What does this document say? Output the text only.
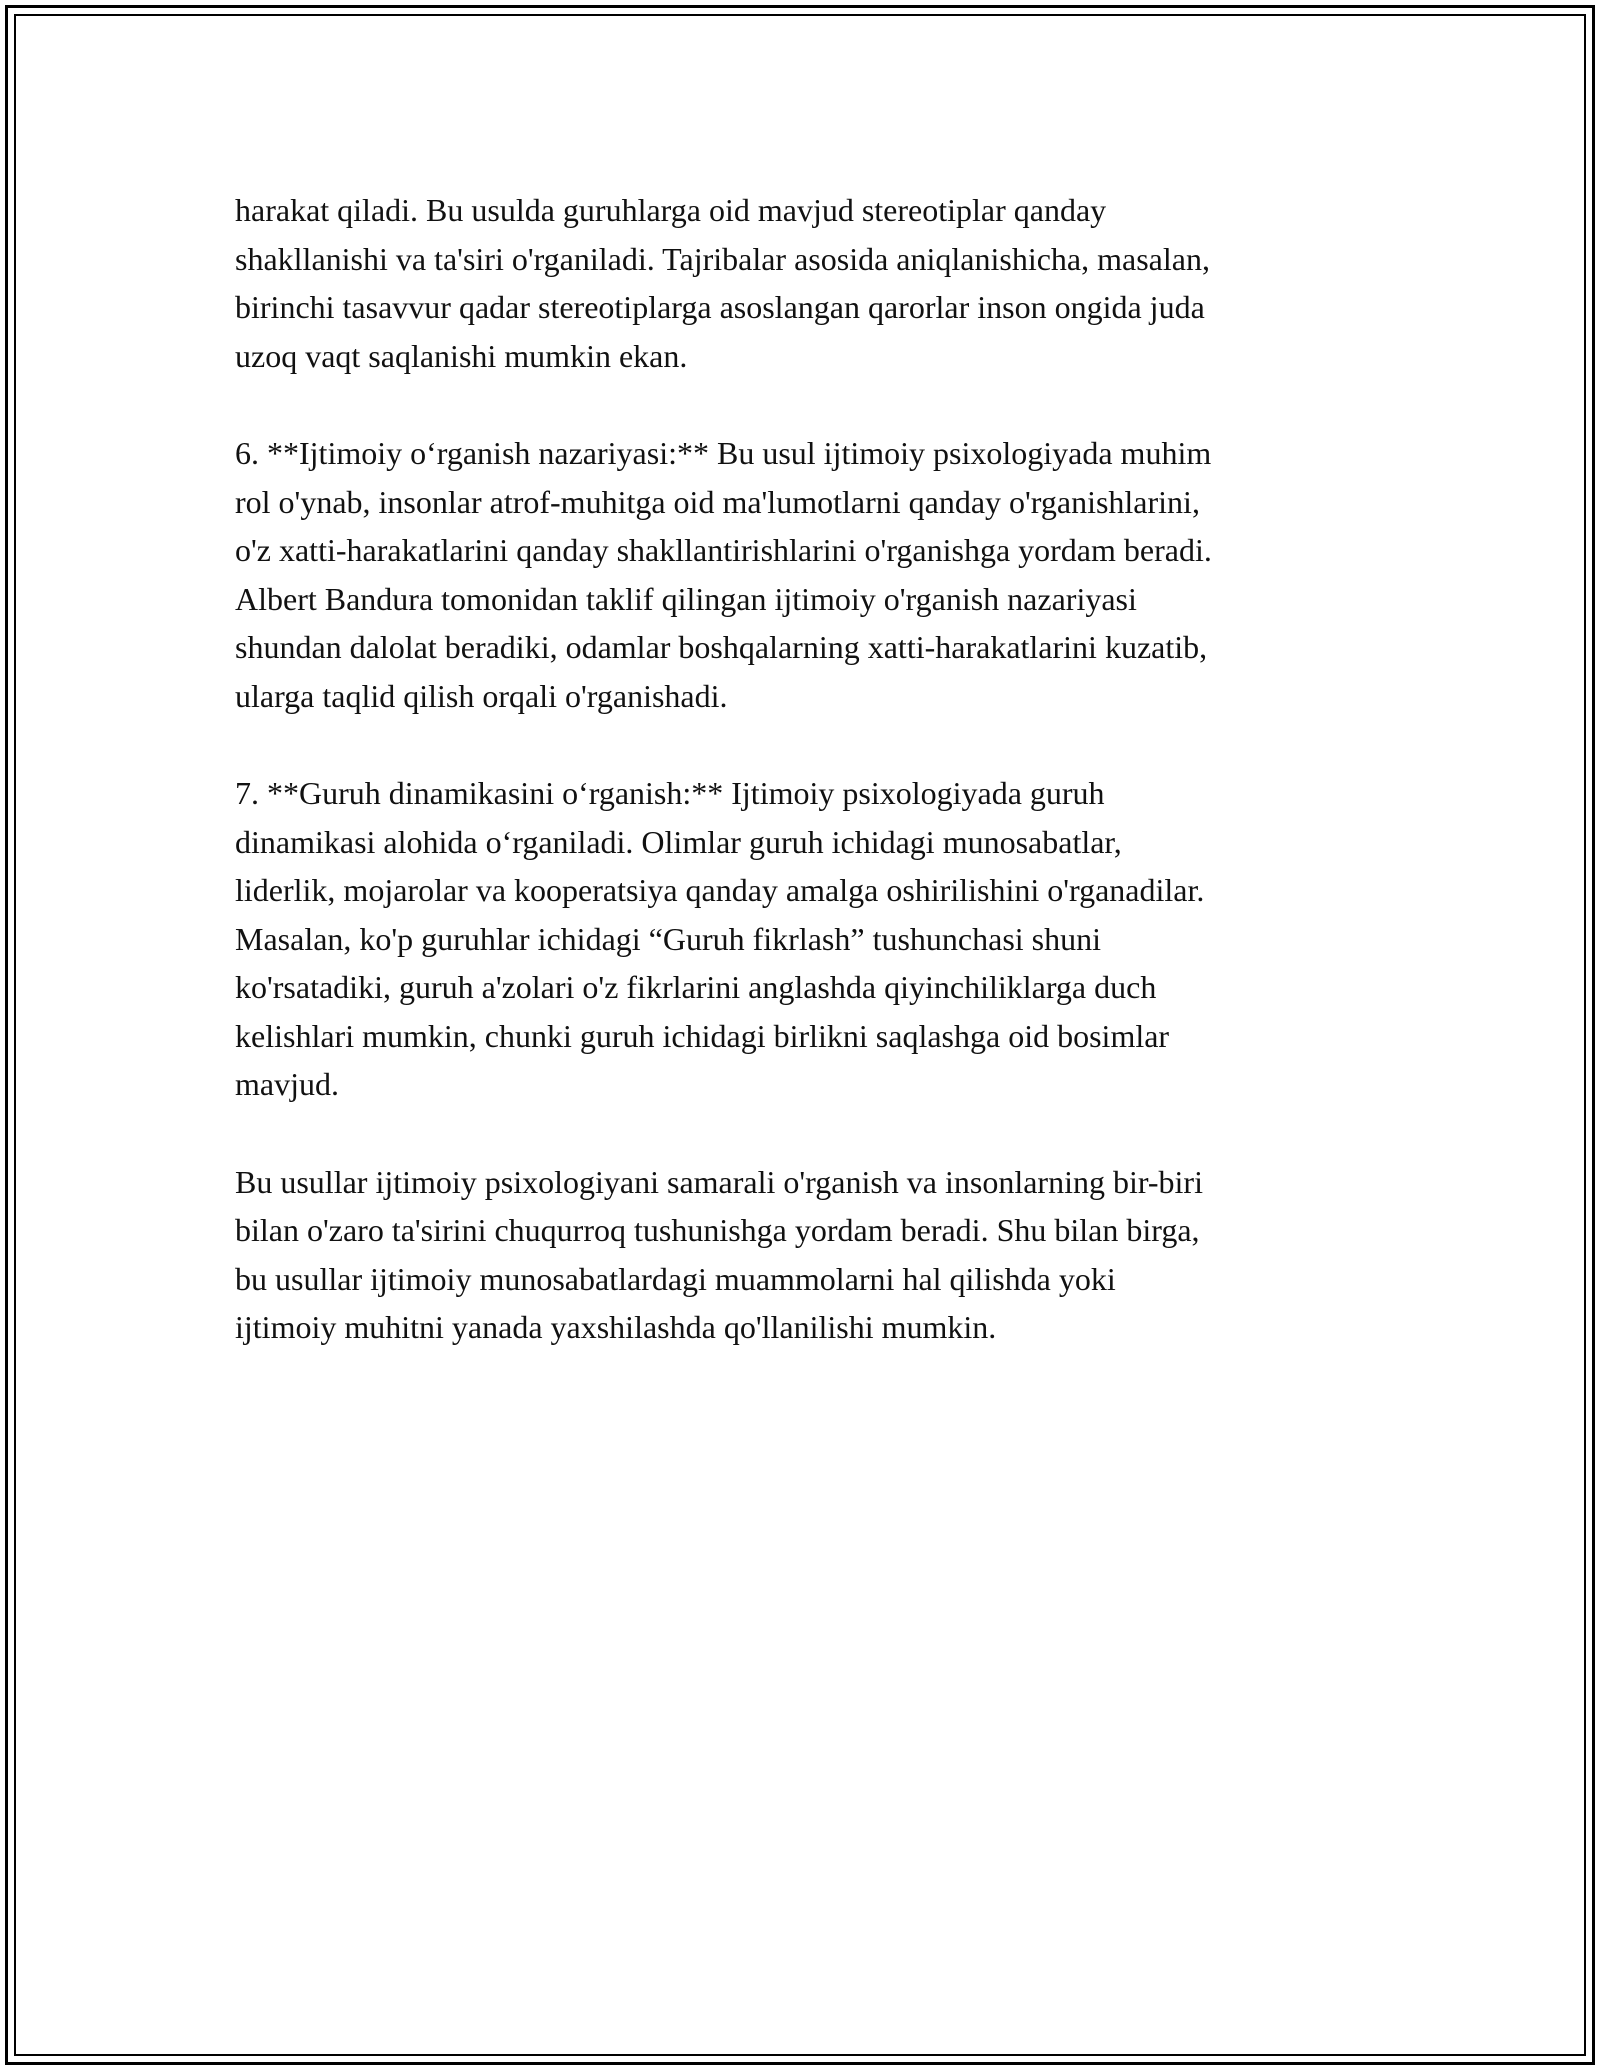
harakat qiladi. Bu usulda guruhlarga oid mavjud stereotiplar qanday
shakllanishi va ta'siri o'rganiladi. Tajribalar asosida aniqlanishicha, masalan,
birinchi tasavvur qadar stereotiplarga asoslangan qarorlar inson ongida juda
uzoq vaqt saqlanishi mumkin ekan.
6. **Ijtimoiy o‘rganish nazariyasi:** Bu usul ijtimoiy psixologiyada muhim
rol o'ynab, insonlar atrof-muhitga oid ma'lumotlarni qanday o'rganishlarini,
o'z xatti-harakatlarini qanday shakllantirishlarini o'rganishga yordam beradi.
Albert Bandura tomonidan taklif qilingan ijtimoiy o'rganish nazariyasi
shundan dalolat beradiki, odamlar boshqalarning xatti-harakatlarini kuzatib,
ularga taqlid qilish orqali o'rganishadi.
7. **Guruh dinamikasini o‘rganish:** Ijtimoiy psixologiyada guruh
dinamikasi alohida o‘rganiladi. Olimlar guruh ichidagi munosabatlar,
liderlik, mojarolar va kooperatsiya qanday amalga oshirilishini o'rganadilar.
Masalan, ko'p guruhlar ichidagi “Guruh fikrlash” tushunchasi shuni
ko'rsatadiki, guruh a'zolari o'z fikrlarini anglashda qiyinchiliklarga duch
kelishlari mumkin, chunki guruh ichidagi birlikni saqlashga oid bosimlar
mavjud.
Bu usullar ijtimoiy psixologiyani samarali o'rganish va insonlarning bir-biri
bilan o'zaro ta'sirini chuqurroq tushunishga yordam beradi. Shu bilan birga,
bu usullar ijtimoiy munosabatlardagi muammolarni hal qilishda yoki
ijtimoiy muhitni yanada yaxshilashda qo'llanilishi mumkin.
